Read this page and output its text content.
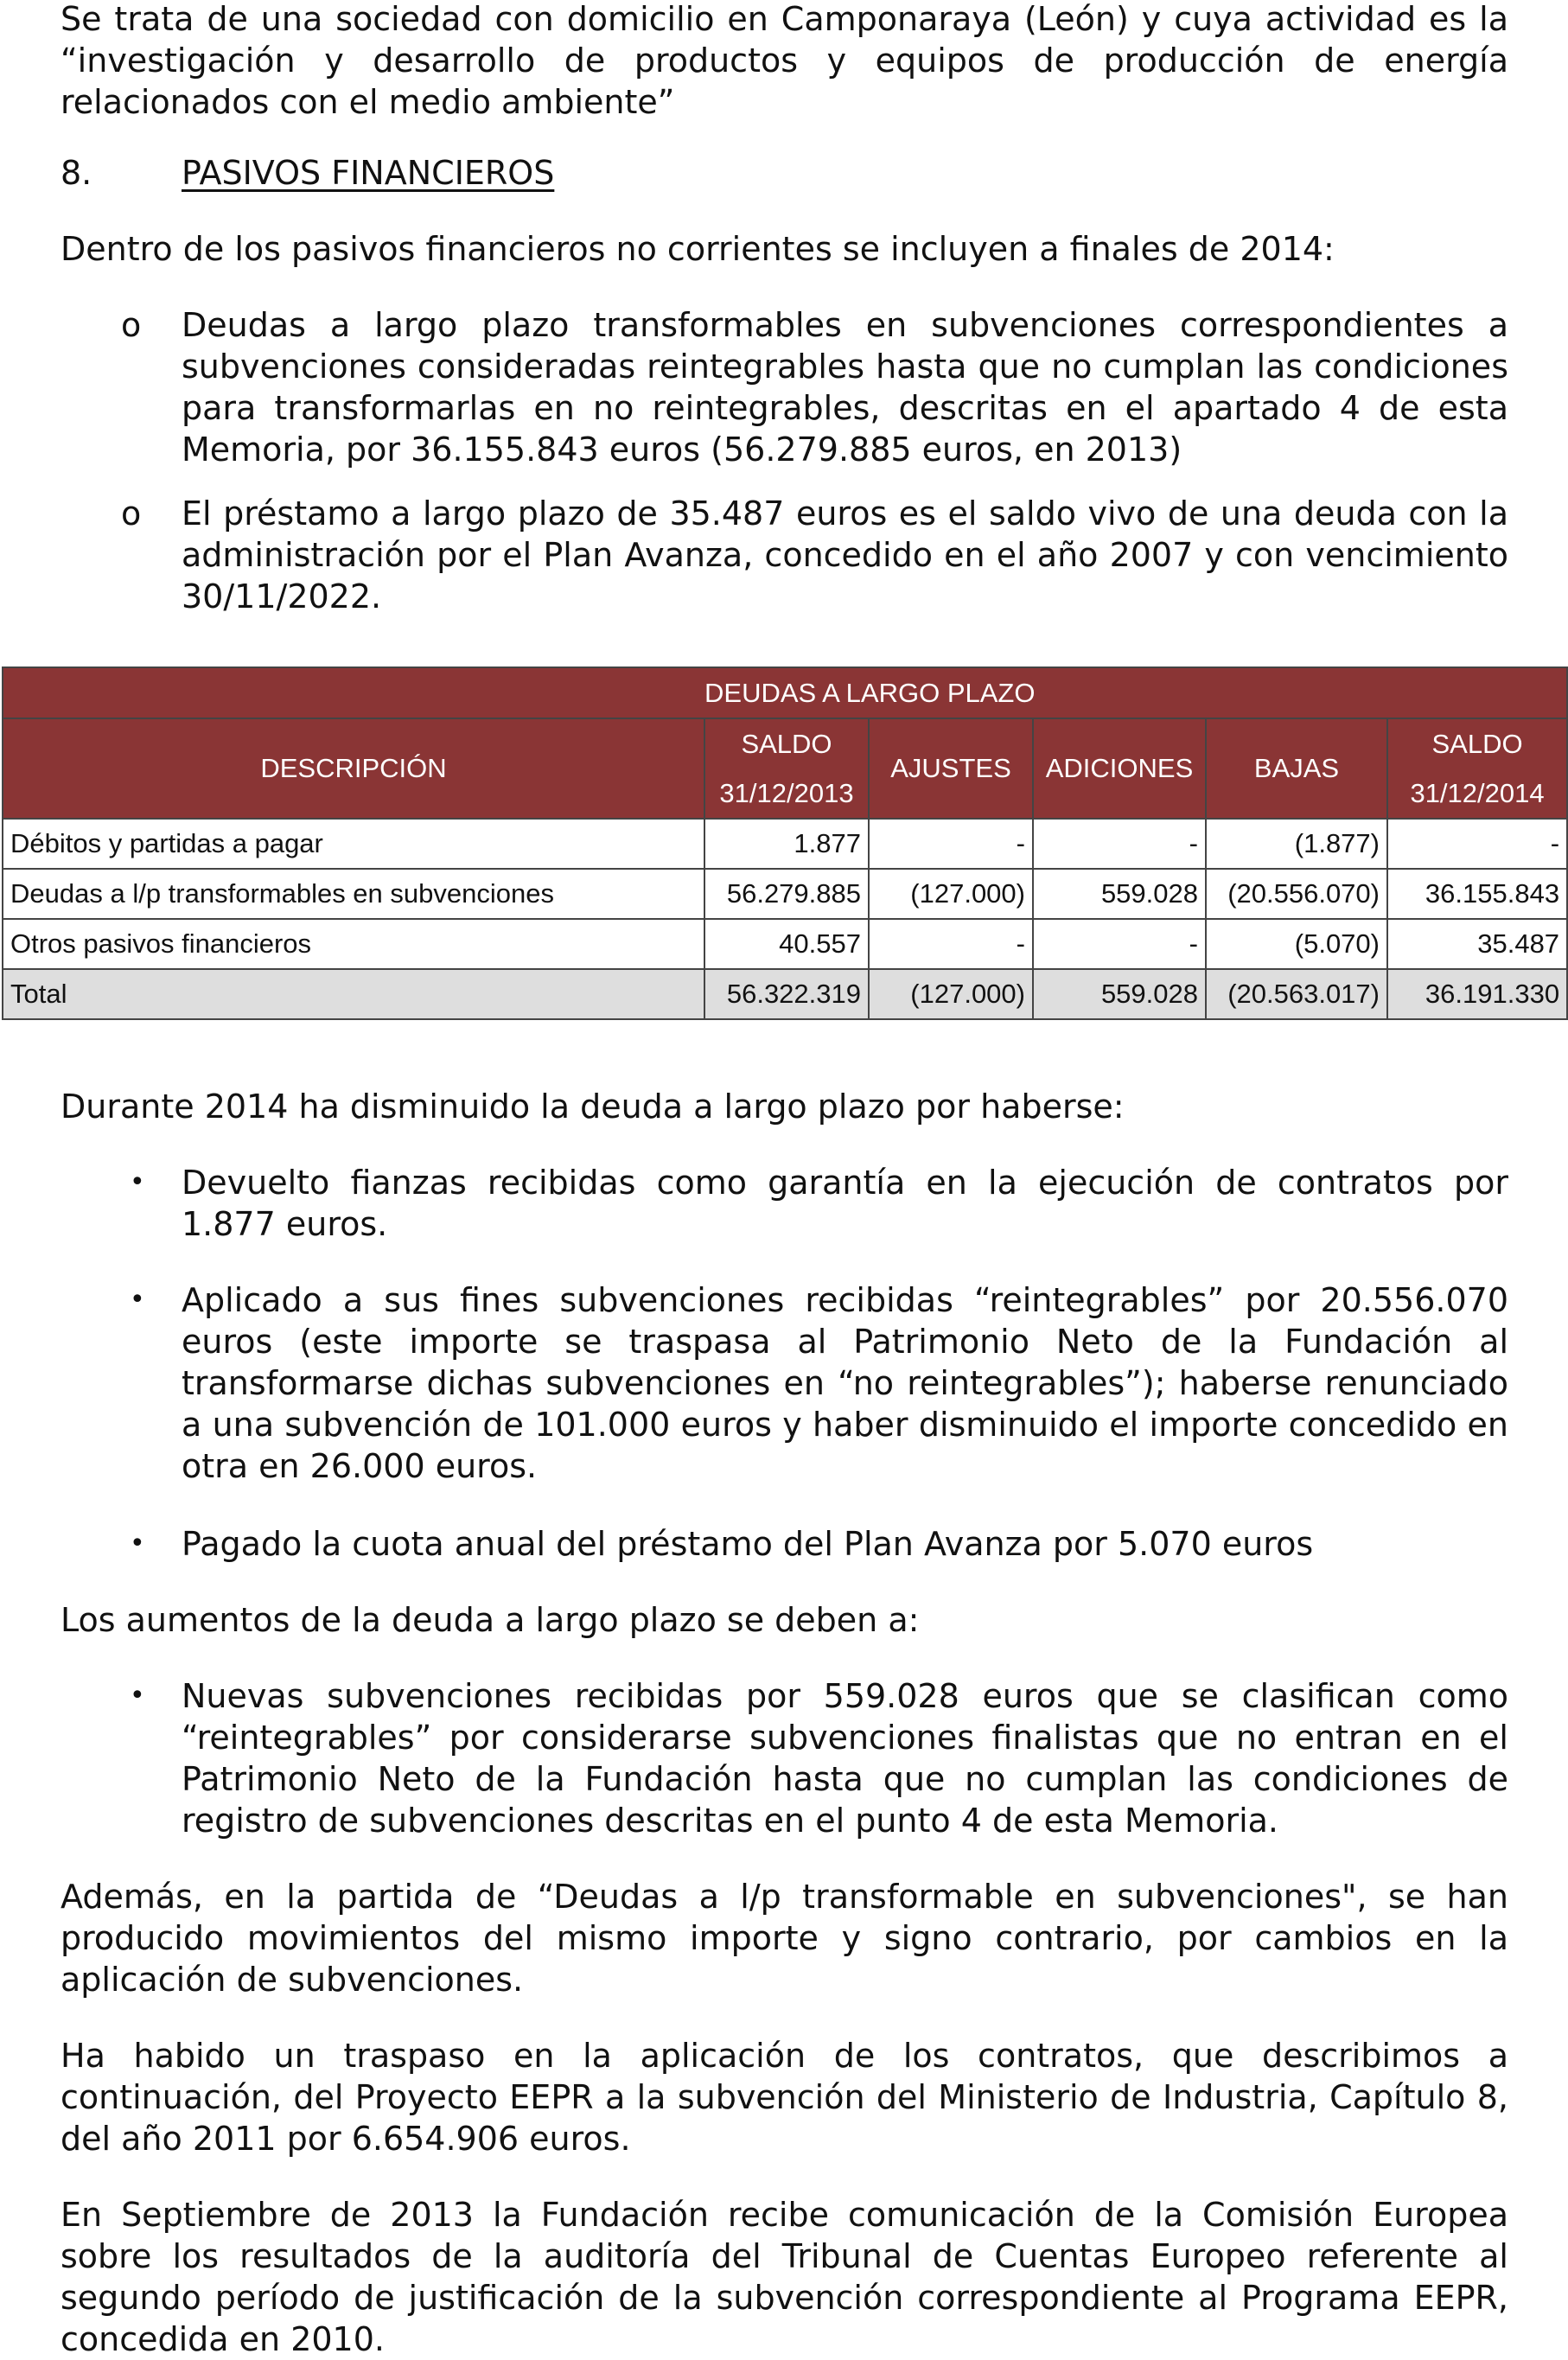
Se trata de una sociedad con domicilio en Camponaraya (León) y cuya actividad es la “investigación y desarrollo de productos y equipos de producción de energía relacionados con el medio ambiente”

8.	PASIVOS FINANCIEROS

Dentro de los pasivos financieros no corrientes se incluyen a finales de 2014:

o	Deudas a largo plazo transformables en subvenciones correspondientes a subvenciones consideradas reintegrables hasta que no cumplan las condiciones para transformarlas en no reintegrables, descritas en el apartado 4 de esta Memoria, por 36.155.843 euros (56.279.885 euros, en 2013)
o	El préstamo a largo plazo de 35.487 euros es el saldo vivo de una deuda con la administración por el Plan Avanza, concedido en el año 2007 y con vencimiento 30/11/2022.
	DEUDAS A LARGO PLAZO				
DESCRIPCIÓN	SALDO	AJUSTES	ADICIONES	BAJAS	SALDO
	31/12/2013				31/12/2014
Débitos y partidas a pagar	1.877	-	-	(1.877)	-
Deudas a l/p transformables en subvenciones	56.279.885	(127.000)	559.028	(20.556.070)	36.155.843
Otros pasivos financieros	40.557	-	-	(5.070)	35.487
Total	56.322.319	(127.000)	559.028	(20.563.017)	36.191.330

Durante 2014 ha disminuido la deuda a largo plazo por haberse:

•	Devuelto fianzas recibidas como garantía en la ejecución de contratos por 1.877 euros.
•	Aplicado a sus fines subvenciones recibidas “reintegrables” por 20.556.070 euros (este importe se traspasa al Patrimonio Neto de la Fundación al transformarse dichas subvenciones en “no reintegrables”); haberse renunciado a una subvención de 101.000 euros y haber disminuido el importe concedido en otra en 26.000 euros.
•	Pagado la cuota anual del préstamo del Plan Avanza por 5.070 euros

Los aumentos de la deuda a largo plazo se deben a:

•	Nuevas subvenciones recibidas por 559.028 euros que se clasifican como “reintegrables” por considerarse subvenciones finalistas que no entran en el Patrimonio Neto de la Fundación hasta que no cumplan las condiciones de registro de subvenciones descritas en el punto 4 de esta Memoria.

Además, en la partida de “Deudas a l/p transformable en subvenciones", se han producido movimientos del mismo importe y signo contrario, por cambios en la aplicación de subvenciones.

Ha habido un traspaso en la aplicación de los contratos, que describimos a continuación, del Proyecto EEPR a la subvención del Ministerio de Industria, Capítulo 8, del año 2011 por 6.654.906 euros.

En Septiembre de 2013 la Fundación recibe comunicación de la Comisión Europea sobre los resultados de la auditoría del Tribunal de Cuentas Europeo referente al segundo período de justificación de la subvención correspondiente al Programa EEPR, concedida en 2010.
